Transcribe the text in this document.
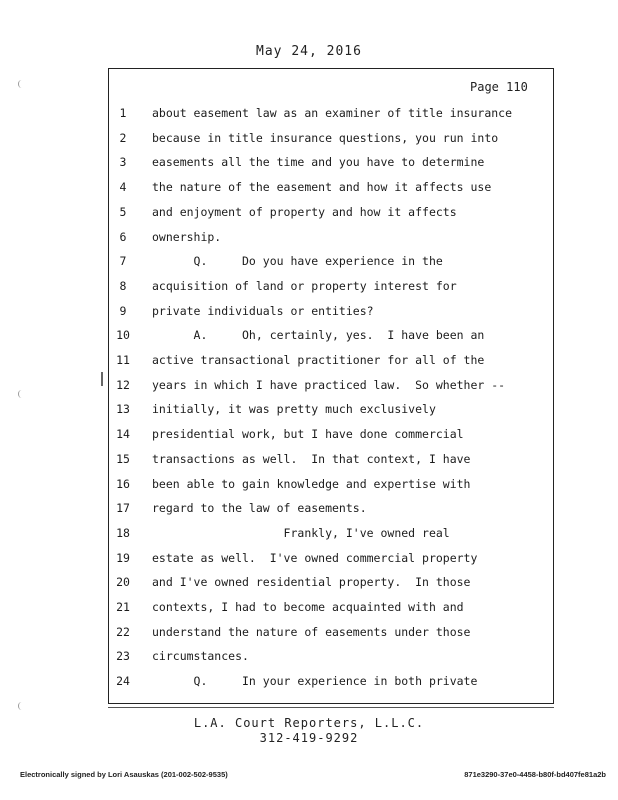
May 24, 2016
Page 110
1	about easement law as an examiner of title insurance
2	because in title insurance questions, you run into
3	easements all the time and you have to determine
4	the nature of the easement and how it affects use
5	and enjoyment of property and how it affects
6	ownership.
7	Q.     Do you have experience in the
8	acquisition of land or property interest for
9	private individuals or entities?
10	A.     Oh, certainly, yes.  I have been an
11	active transactional practitioner for all of the
12	years in which I have practiced law.  So whether --
13	initially, it was pretty much exclusively
14	presidential work, but I have done commercial
15	transactions as well.  In that context, I have
16	been able to gain knowledge and expertise with
17	regard to the law of easements.
18	Frankly, I've owned real
19	estate as well.  I've owned commercial property
20	and I've owned residential property.  In those
21	contexts, I had to become acquainted with and
22	understand the nature of easements under those
23	circumstances.
24	Q.     In your experience in both private
L.A. Court Reporters, L.L.C.
312-419-9292
Electronically signed by Lori Asauskas (201-002-502-9535)	871e3290-37e0-4458-b80f-bd407fe81a2b
